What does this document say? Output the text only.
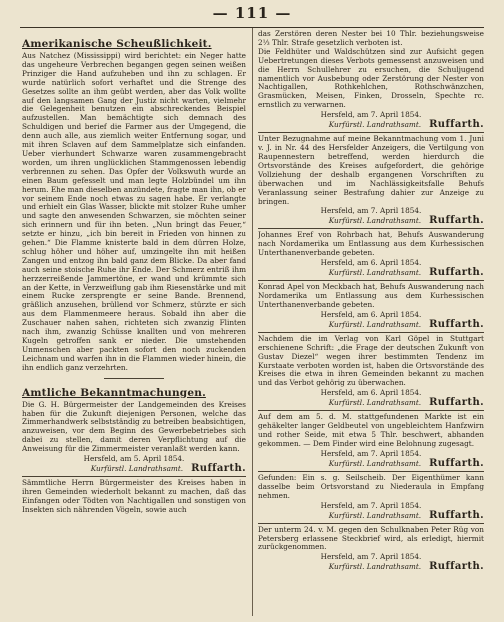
— 111 —
Amerikanische Scheußlichkeit.

Aus Natchez (Mississippi) wird berichtet: ein Neger hatte das ungeheure Verbrechen begangen gegen seinen weißen Prinziger die Hand aufzuheben und ihn zu schlagen. Er wurde natürlich sofort verhaftet und die Strenge des Gesetzes sollte an ihm geübt werden, aber das Volk wollte auf den langsamen Gang der Justiz nicht warten, vielmehr die Gelegenheit benutzen ein abschreckendes Beispiel aufzustellen. Man bemächtigte sich demnach des Schuldigen und berief die Farmer aus der Umgegend, die denn auch alle, aus ziemlich weiter Entfernung sogar, und mit ihren Sclaven auf dem Sammelplatze sich einfanden. Ueber vierhundert Schwarze waren zusammengebracht worden, um ihren unglücklichen Stammgenossen lebendig verbrennen zu sehen. Das Opfer der Volkswuth wurde an einen Baum gefesselt und man legte Holzbündel um ihn herum. Ehe man dieselben anzündete, fragte man ihn, ob er vor seinem Ende noch etwas zu sagen habe. Er verlangte und erhielt ein Glas Wasser, blickte mit stolzer Ruhe umher und sagte den anwesenden Schwarzen, sie möchten seiner sich erinnern und für ihn beten. „Nun bringt das Feuer,“ setzte er hinzu, „ich bin bereit in Frieden von hinnen zu gehen.“ Die Flamme knisterte bald in dem dürren Holze, schlug höher und höher auf, umzingelte ihn mit heißen Zangen und entzog ihn bald ganz dem Blicke. Da aber fand auch seine stoische Ruhe ihr Ende. Der Schmerz entriß ihm herzzerreißende Jammertöne, er wand und krümmte sich an der Kette, in Verzweiflung gab ihm Riesenstärke und mit einem Rucke zersprengte er seine Bande. Brennend, gräßlich anzusehen, brüllend vor Schmerz, stürzte er sich aus dem Flammenmeere heraus. Sobald ihn aber die Zuschauer nahen sahen, richteten sich zwanzig Flinten nach ihm, zwanzig Schüsse knallten und von mehreren Kugeln getroffen sank er nieder. Die umstehenden Unmenschen aber packten sofort den noch zuckenden Leichnam und warfen ihn in die Flammen wieder hinein, die ihn endlich ganz verzehrten.

Amtliche Bekanntmachungen.

Die G. H. Bürgermeister der Landgemeinden des Kreises haben für die Zukunft diejenigen Personen, welche das Zimmerhandwerk selbstständig zu betreiben beabsichtigen, anzuweisen, vor dem Beginn des Gewerbebetriebes sich dabei zu stellen, damit deren Verpflichtung auf die Anweisung für die Zimmermeister veranlaßt werden kann.

Hersfeld, am 5. April 1854.
Kurfürstl. Landrathsamt. Ruffarth.

Sämmtliche Herrn Bürgermeister des Kreises haben in ihren Gemeinden wiederholt bekannt zu machen, daß das Einfangen oder Tödten von Nachtigallen und sonstigen von Insekten sich nährenden Vögeln, sowie auch

das Zerstören deren Nester bei 10 Thlr. beziehungsweise 2⅓ Thlr. Strafe gesetzlich verboten ist.

Die Feldhüter und Waldschützen sind zur Aufsicht gegen Uebertretungen dieses Verbots gemessenst anzuweisen und die Herrn Schullehrer zu ersuchen, die Schuljugend namentlich vor Ausbebung oder Zerstörung der Nester von Nachtigallen, Rothkehlchen, Rothschwänzchen, Grasmücken, Meisen, Finken, Drosseln, Spechte rc. ernstlich zu verwarnen.

Hersfeld, am 7. April 1854.
Kurfürstl. Landrathsamt. Ruffarth.

Unter Bezugnahme auf meine Bekanntmachung vom 1. Juni v. J. in Nr. 44 des Hersfelder Anzeigers, die Vertilgung von Raupennestern betreffend, werden hierdurch die Ortsvorstände des Kreises aufgefordert, die gehörige Vollziehung der deshalb ergangenen Vorschriften zu überwachen und im Nachlässigkeitsfalle Behufs Veranlassung seiner Bestrafung dahier zur Anzeige zu bringen.

Hersfeld, am 7. April 1854.
Kurfürstl. Landrathsamt. Ruffarth.

Johannes Eref von Rohrbach hat, Behufs Auswanderung nach Nordamerika um Entlassung aus dem Kurhessischen Unterthanenverbande gebeten.

Hersfeld, am 6. April 1854.
Kurfürstl. Landrathsamt. Ruffarth.

Konrad Apel von Meckbach hat, Behufs Auswanderung nach Nordamerika um Entlassung aus dem Kurhessischen Unterthanenverbande gebeten.

Hersfeld, am 6. April 1854.
Kurfürstl. Landrathsamt. Ruffarth.

Nachdem die im Verlag von Karl Göpel in Stuttgart erschienene Schrift: „die Frage der deutschen Zukunft von Gustav Diezel“ wegen ihrer bestimmten Tendenz im Kurstaate verboten worden ist, haben die Ortsvorstände des Kreises die etwa in ihren Gemeinden bekannt zu machen und das Verbot gehörig zu überwachen.

Hersfeld, am 6. April 1854.
Kurfürstl. Landrathsamt. Ruffarth.

Auf dem am 5. d. M. stattgefundenen Markte ist ein gehäkelter langer Geldbeutel von ungebleichtem Hanfzwirn und rother Seide, mit etwa 5 Thlr. beschwert, abhanden gekommen. — Dem Finder wird eine Belohnung zugesagt.

Hersfeld, am 7. April 1854.
Kurfürstl. Landrathsamt. Ruffarth.

Gefunden: Ein s. g. Seilscheib. Der Eigenthümer kann dasselbe beim Ortsvorstand zu Niederaula in Empfang nehmen.

Hersfeld, am 7. April 1854.
Kurfürstl. Landrathsamt. Ruffarth.

Der unterm 24. v. M. gegen den Schulknaben Peter Rüg von Petersberg erlassene Steckbrief wird, als erledigt, hiermit zurückgenommen.

Hersfeld, am 7. April 1854.
Kurfürstl. Landrathsamt. Ruffarth.
